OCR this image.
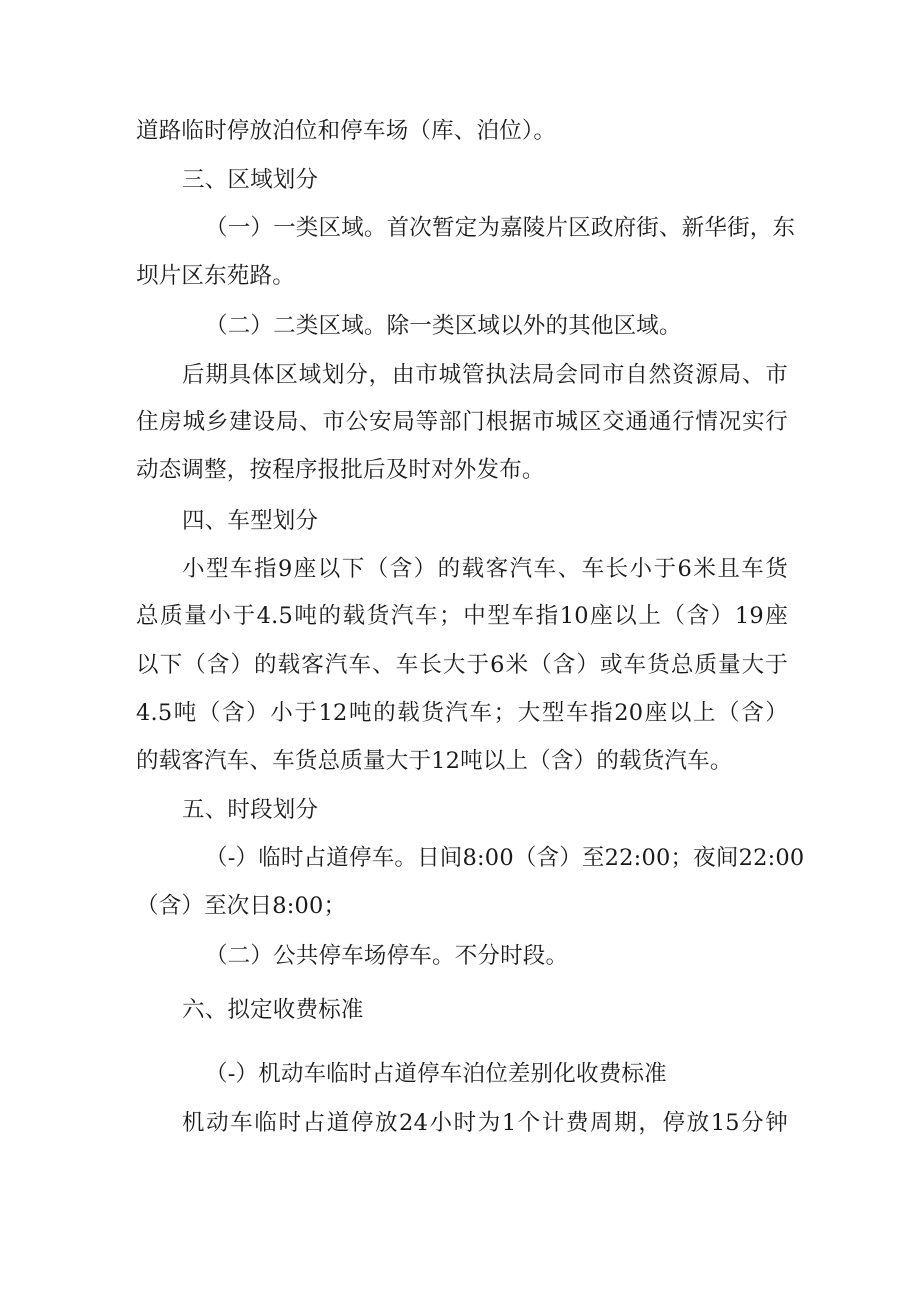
道路临时停放泊位和停车场（库、泊位）。
三、区域划分
（一）一类区域。首次暂定为嘉陵片区政府街、新华街，东
坝片区东苑路。
（二）二类区域。除一类区域以外的其他区域。
后期具体区域划分，由市城管执法局会同市自然资源局、市
住房城乡建设局、市公安局等部门根据市城区交通通行情况实行
动态调整，按程序报批后及时对外发布。
四、车型划分
小型车指9座以下（含）的载客汽车、车长小于6米且车货
总质量小于4.5吨的载货汽车；中型车指10座以上（含）19座
以下（含）的载客汽车、车长大于6米（含）或车货总质量大于
4.5吨（含）小于12吨的载货汽车；大型车指20座以上（含）
的载客汽车、车货总质量大于12吨以上（含）的载货汽车。
五、时段划分
（-）临时占道停车。日间8:00（含）至22:00；夜间22:00
（含）至次日8:00；
（二）公共停车场停车。不分时段。
六、拟定收费标准
（-）机动车临时占道停车泊位差别化收费标准
机动车临时占道停放24小时为1个计费周期，停放15分钟
